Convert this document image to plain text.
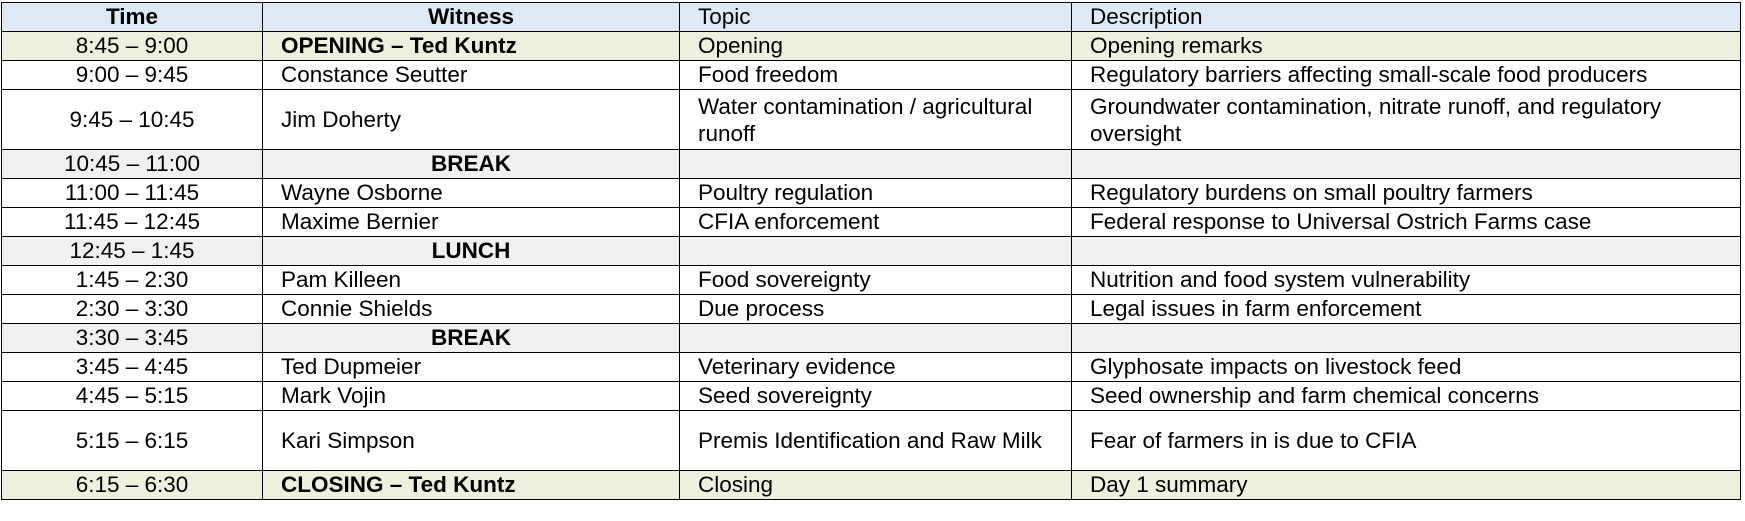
Time	Witness	Topic	Description
8:45 – 9:00	OPENING – Ted Kuntz	Opening	Opening remarks
9:00 – 9:45	Constance Seutter	Food freedom	Regulatory barriers affecting small-scale food producers
9:45 – 10:45	Jim Doherty	Water contamination / agricultural runoff	Groundwater contamination, nitrate runoff, and regulatory oversight
10:45 – 11:00	BREAK		
11:00 – 11:45	Wayne Osborne	Poultry regulation	Regulatory burdens on small poultry farmers
11:45 – 12:45	Maxime Bernier	CFIA enforcement	Federal response to Universal Ostrich Farms case
12:45 – 1:45	LUNCH		
1:45 – 2:30	Pam Killeen	Food sovereignty	Nutrition and food system vulnerability
2:30 – 3:30	Connie Shields	Due process	Legal issues in farm enforcement
3:30 – 3:45	BREAK		
3:45 – 4:45	Ted Dupmeier	Veterinary evidence	Glyphosate impacts on livestock feed
4:45 – 5:15	Mark Vojin	Seed sovereignty	Seed ownership and farm chemical concerns
5:15 – 6:15	Kari Simpson	Premis Identification and Raw Milk	Fear of farmers in is due to CFIA
6:15 – 6:30	CLOSING – Ted Kuntz	Closing	Day 1 summary
